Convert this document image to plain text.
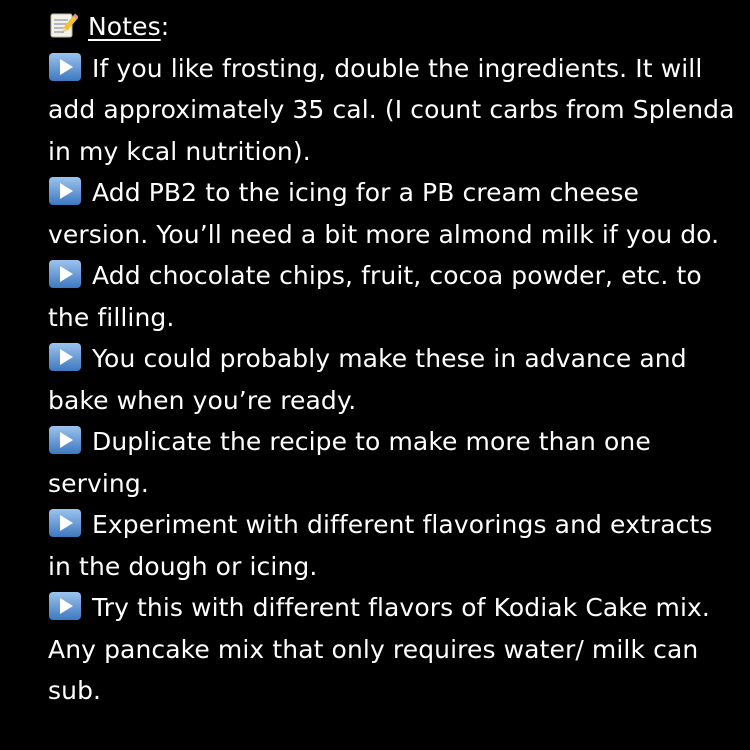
Notes:
If you like frosting, double the ingredients. It will add approximately 35 cal. (I count carbs from Splenda in my kcal nutrition).
Add PB2 to the icing for a PB cream cheese version. You’ll need a bit more almond milk if you do.
Add chocolate chips, fruit, cocoa powder, etc. to the filling.
You could probably make these in advance and bake when you’re ready.
Duplicate the recipe to make more than one serving.
Experiment with different flavorings and extracts in the dough or icing.
Try this with different flavors of Kodiak Cake mix. Any pancake mix that only requires water/ milk can sub.
